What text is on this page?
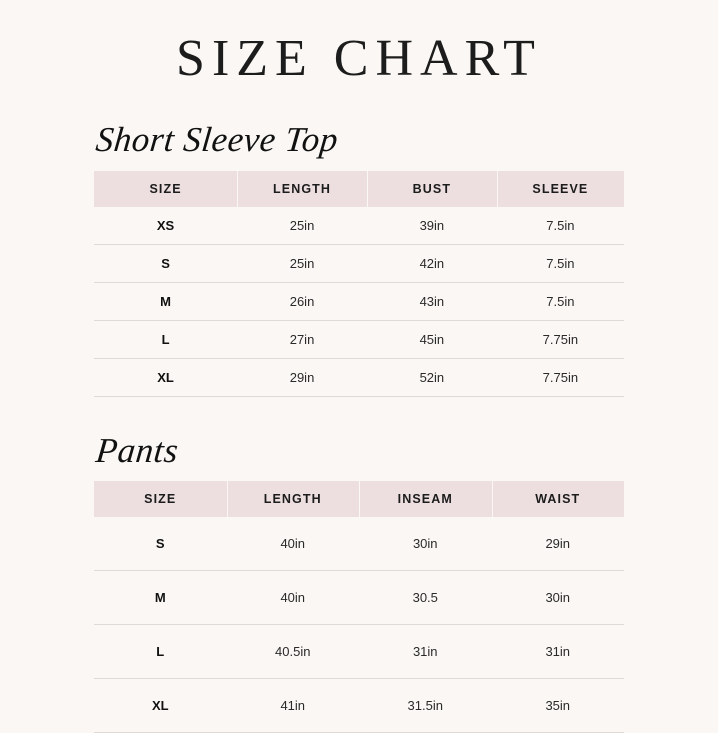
SIZE CHART
Short Sleeve Top
SIZE	LENGTH	BUST	SLEEVE
XS	25in	39in	7.5in
S	25in	42in	7.5in
M	26in	43in	7.5in
L	27in	45in	7.75in
XL	29in	52in	7.75in
Pants
SIZE	LENGTH	INSEAM	WAIST
S	40in	30in	29in
M	40in	30.5	30in
L	40.5in	31in	31in
XL	41in	31.5in	35in
